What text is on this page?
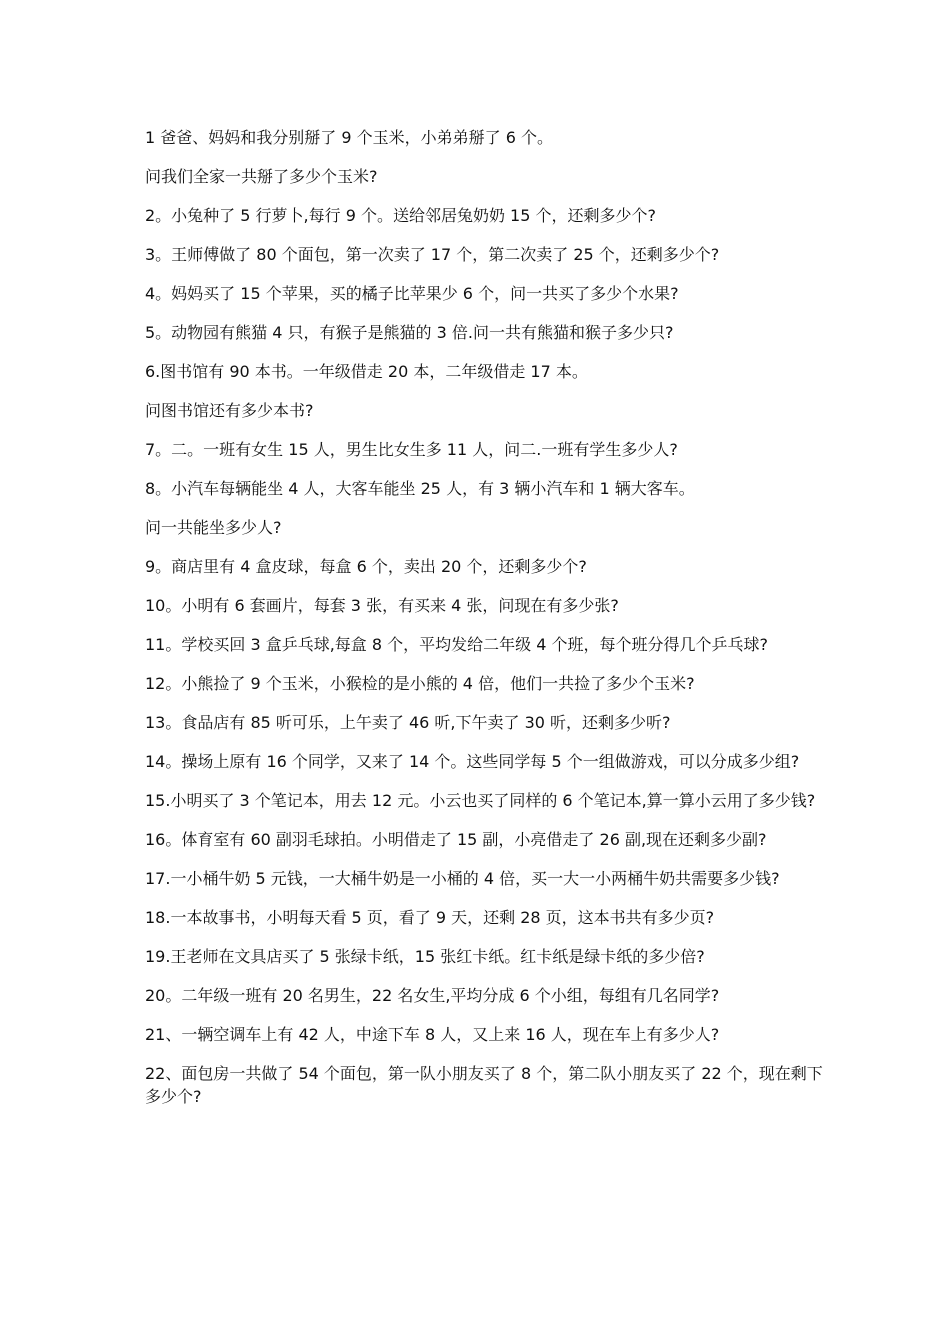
1 爸爸、妈妈和我分别掰了 9 个玉米，小弟弟掰了 6 个。

问我们全家一共掰了多少个玉米?

2。小兔种了 5 行萝卜,每行 9 个。送给邻居兔奶奶 15 个，还剩多少个?

3。王师傅做了 80 个面包，第一次卖了 17 个，第二次卖了 25 个，还剩多少个?

4。妈妈买了 15 个苹果，买的橘子比苹果少 6 个，问一共买了多少个水果?

5。动物园有熊猫 4 只，有猴子是熊猫的 3 倍.问一共有熊猫和猴子多少只?

6.图书馆有 90 本书。一年级借走 20 本，二年级借走 17 本。

问图书馆还有多少本书?

7。二。一班有女生 15 人，男生比女生多 11 人，问二.一班有学生多少人?

8。小汽车每辆能坐 4 人，大客车能坐 25 人，有 3 辆小汽车和 1 辆大客车。

问一共能坐多少人?

9。商店里有 4 盒皮球，每盒 6 个，卖出 20 个，还剩多少个?

10。小明有 6 套画片，每套 3 张，有买来 4 张，问现在有多少张?

11。学校买回 3 盒乒乓球,每盒 8 个，平均发给二年级 4 个班，每个班分得几个乒乓球?

12。小熊捡了 9 个玉米，小猴检的是小熊的 4 倍，他们一共捡了多少个玉米?

13。食品店有 85 听可乐，上午卖了 46 听,下午卖了 30 听，还剩多少听?

14。操场上原有 16 个同学，又来了 14 个。这些同学每 5 个一组做游戏，可以分成多少组?

15.小明买了 3 个笔记本，用去 12 元。小云也买了同样的 6 个笔记本,算一算小云用了多少钱?

16。体育室有 60 副羽毛球拍。小明借走了 15 副，小亮借走了 26 副,现在还剩多少副?

17.一小桶牛奶 5 元钱，一大桶牛奶是一小桶的 4 倍，买一大一小两桶牛奶共需要多少钱?

18.一本故事书，小明每天看 5 页，看了 9 天，还剩 28 页，这本书共有多少页?

19.王老师在文具店买了 5 张绿卡纸，15 张红卡纸。红卡纸是绿卡纸的多少倍?

20。二年级一班有 20 名男生，22 名女生,平均分成 6 个小组，每组有几名同学?

21、一辆空调车上有 42 人，中途下车 8 人，又上来 16 人，现在车上有多少人?

22、面包房一共做了 54 个面包，第一队小朋友买了 8 个，第二队小朋友买了 22 个，现在剩下多少个?
